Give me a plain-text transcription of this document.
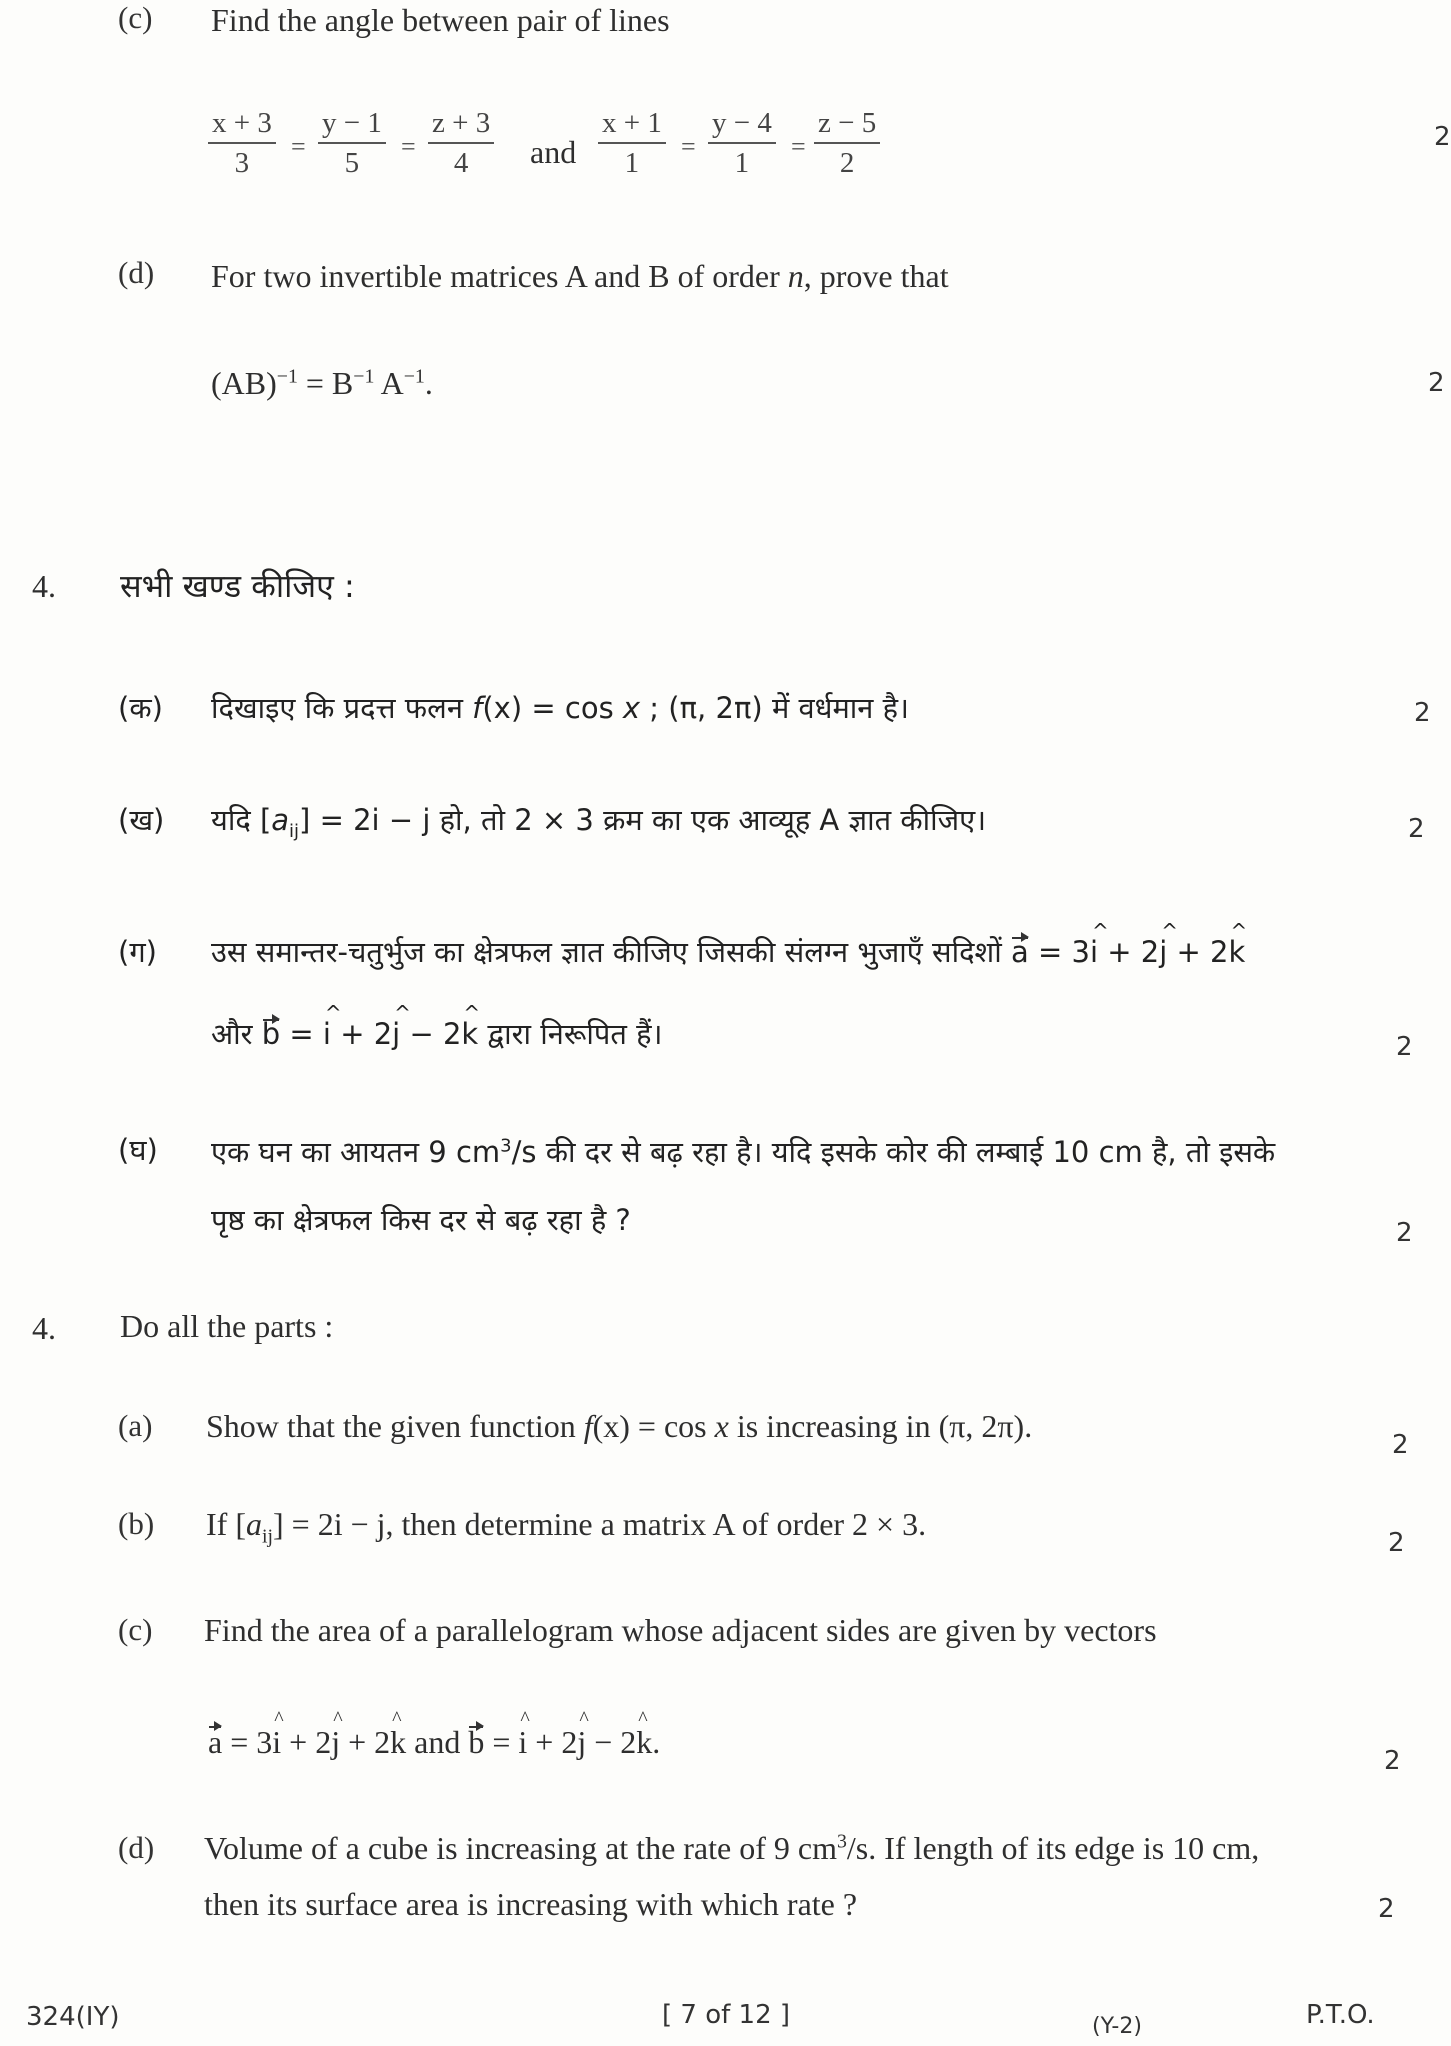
(c) Find the angle between pair of lines
$\frac{x + 3}{3} = \frac{y - 1}{5} = \frac{z + 3}{4}$ and $\frac{x + 1}{1} = \frac{y - 4}{1} = \frac{z - 5}{2}$	2
(d) For two invertible matrices A and B of order n, prove that
$(AB)^{-1} = B^{-1}$ $A^{-1}$.	2
4. सभी खण्ड कीजिए :
(क) दिखाइए कि प्रदत्त फलन f(x) = cos x ; (π, 2π) में वर्धमान है।	2
(ख) यदि $[a_{ij}] = 2i - j$ हो, तो 2 × 3 क्रम का एक आव्यूह A ज्ञात कीजिए।	2
(ग) उस समान्तर-चतुर्भुज का क्षेत्रफल ज्ञात कीजिए जिसकी संलग्न भुजाएँ सदिशों a = 3^ i + 2^ j + 2^ k
और b = ^ i + 2^ j − 2^ k द्वारा निरूपित हैं।	2
(घ) एक घन का आयतन 9 $cm^3/s$ की दर से बढ़ रहा है। यदि इसके कोर की लम्बाई 10 cm है, तो इसके
पृष्ठ का क्षेत्रफल किस दर से बढ़ रहा है ?	2
4. Do all the parts :
(a) Show that the given function f(x) = cos x is increasing in (π, 2π).
2
(b) If $[a_{ij}] = 2i - j$, then determine a matrix A of order 2 × 3.
2
(c) Find the area of a parallelogram whose adjacent sides are given by vectors
a = 3^ i + 2^ j + 2^ k and b = ^ i + 2^ j − 2^ k.
2
(d) Volume of a cube is increasing at the rate of 9 $cm^3/s$. If length of its edge is 10 cm,
then its surface area is increasing with which rate ?	2
324(IY)	[ 7 of 12 ]	(Y-2)	P.T.O.
